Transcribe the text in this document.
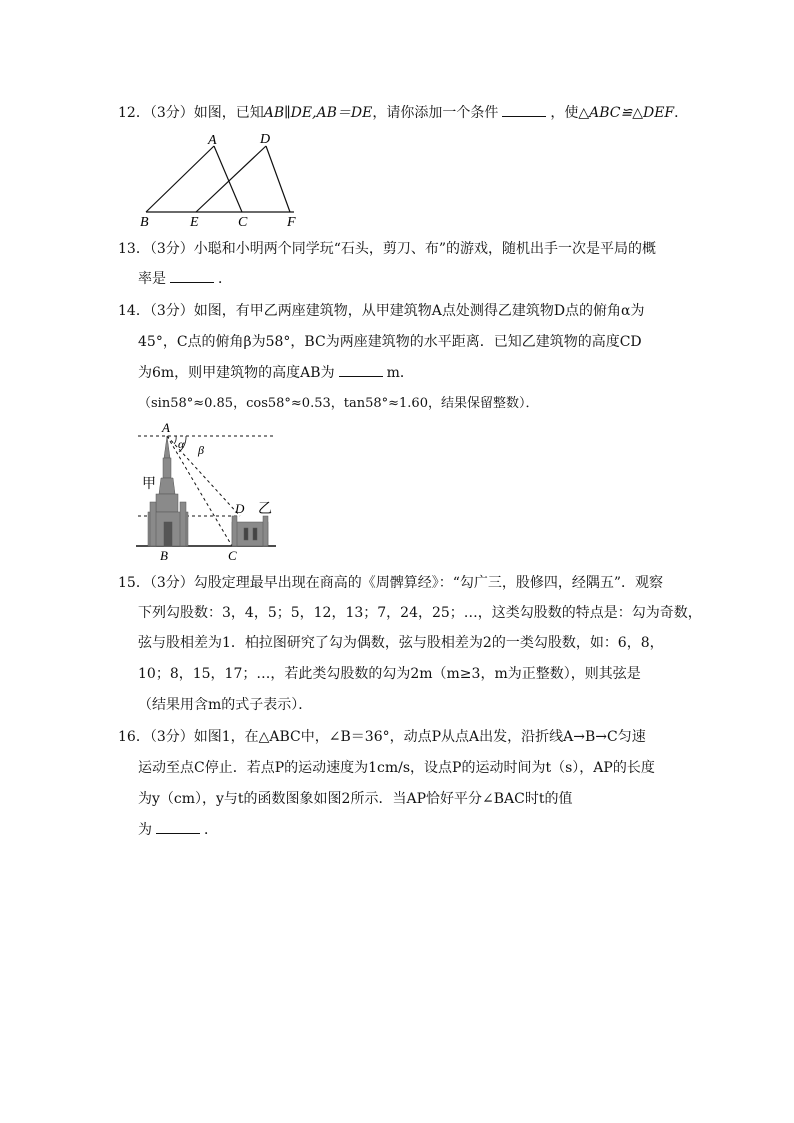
12．（3分）如图，已知AB∥DE,AB＝DE，请你添加一个条件	，使△ABC≌△DEF．
A	D
B	E	C	F
13．（3分）小聪和小明两个同学玩“石头，剪刀、布”的游戏，随机出手一次是平局的概
率是	．
14．（3分）如图，有甲乙两座建筑物，从甲建筑物A点处测得乙建筑物D点的俯角α为
45°，C点的俯角β为58°，BC为两座建筑物的水平距离．已知乙建筑物的高度CD
为6m，则甲建筑物的高度AB为	m．
（sin58°≈0.85，cos58°≈0.53，tan58°≈1.60，结果保留整数）．
A
α β
甲
D 乙
B	C
15．（3分）勾股定理最早出现在商高的《周髀算经》：“勾广三，股修四，经隅五”．观察
下列勾股数：3，4，5；5，12，13；7，24，25；…，这类勾股数的特点是：勾为奇数，
弦与股相差为1．柏拉图研究了勾为偶数，弦与股相差为2的一类勾股数，如：6，8，
10；8，15，17；…，若此类勾股数的勾为2m（m≥3，m为正整数），则其弦是
（结果用含m的式子表示）．
16．（3分）如图1，在△ABC中，∠B＝36°，动点P从点A出发，沿折线A→B→C匀速
运动至点C停止．若点P的运动速度为1cm/s，设点P的运动时间为t（s），AP的长度
为y（cm），y与t的函数图象如图2所示．当AP恰好平分∠BAC时t的值
为	．
